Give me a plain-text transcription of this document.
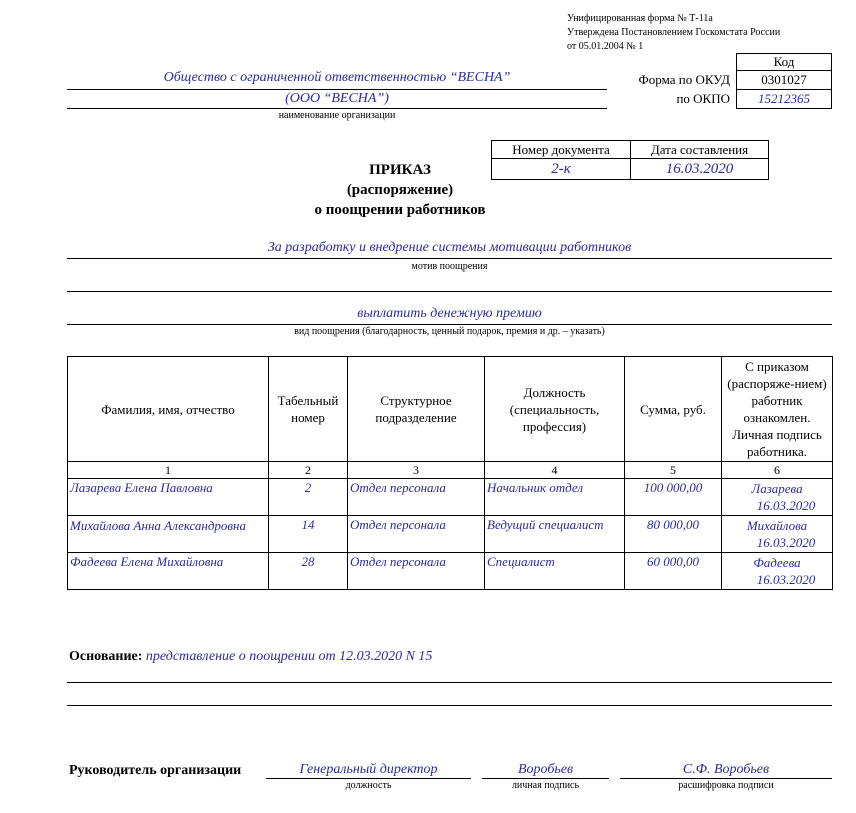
Унифицированная форма № Т-11а
Утверждена Постановлением Госкомстата России
от 05.01.2004 № 1
Общество с ограниченной ответственностью “ВЕСНА”
(ООО “ВЕСНА”)
наименование организации
Код
Форма по ОКУД	0301027
по ОКПО	15212365
Номер документа	Дата составления
2-к	16.03.2020
ПРИКАЗ
(распоряжение)
о поощрении работников
За разработку и внедрение системы мотивации работников
мотив поощрения
выплатить денежную премию
вид поощрения (благодарность, ценный подарок, премия и др. – указать)
Фамилия, имя, отчество	Табельный номер	Структурное подразделение	Должность (специальность, профессия)	Сумма, руб.	С приказом (распоряже-нием) работник ознакомлен. Личная подпись работника.
1	2	3	4	5	6
Лазарева Елена Павловна	2	Отдел персонала	Начальник отдел	100 000,00	Лазарева
16.03.2020
Михайлова Анна Александровна	14	Отдел персонала	Ведущий специалист	80 000,00	Михайлова
16.03.2020
Фадеева Елена Михайловна	28	Отдел персонала	Специалист	60 000,00	Фадеева
16.03.2020
Основание: представление о поощрении от 12.03.2020 N 15
Руководитель организации	Генеральный директор
должность
Воробьев
личная подпись
С.Ф. Воробьев
расшифровка подписи
